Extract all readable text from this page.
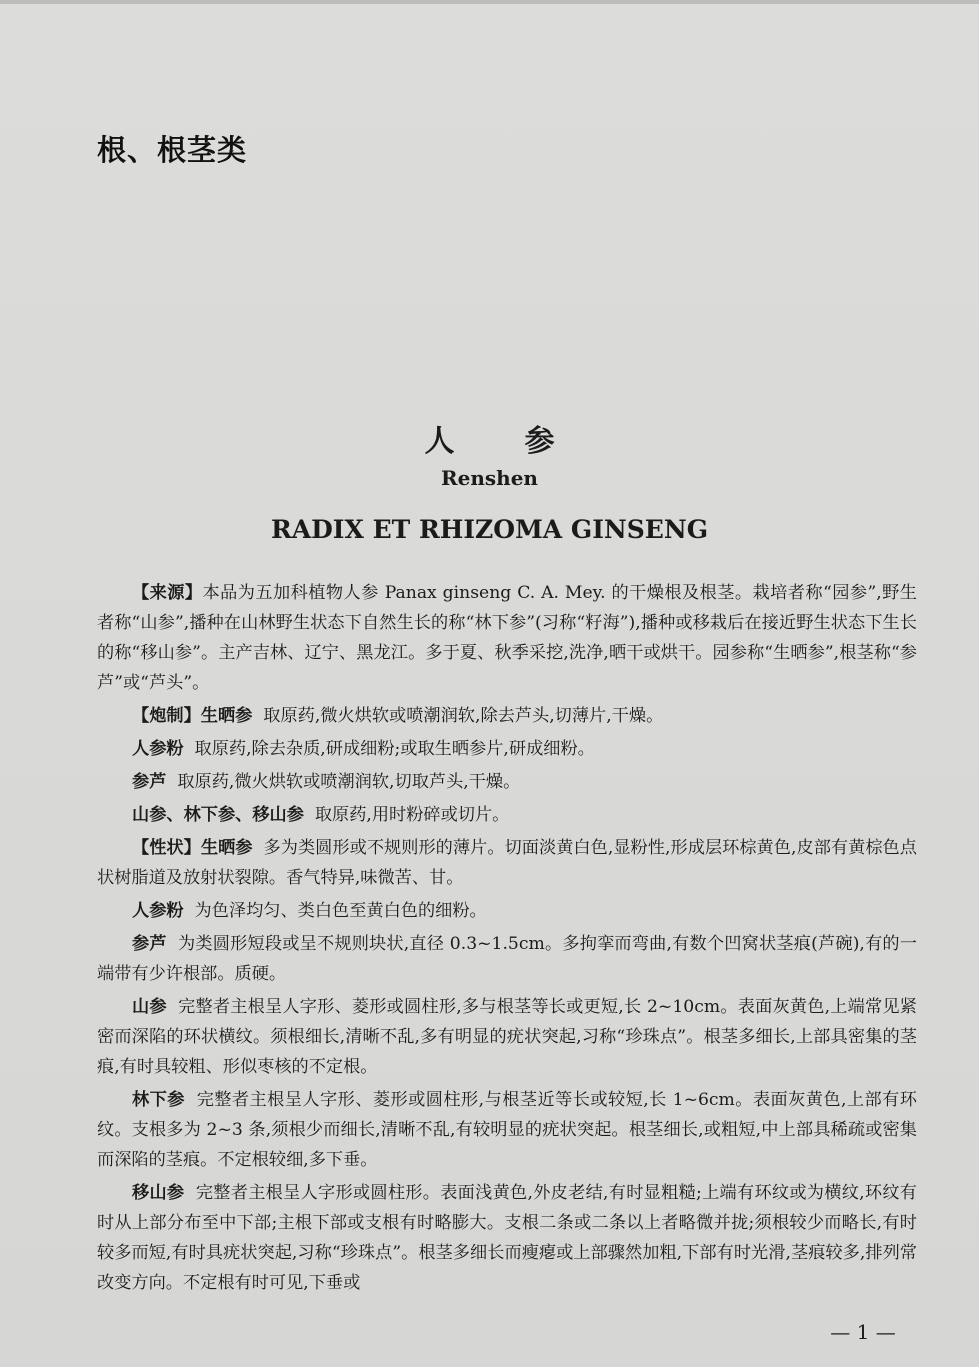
根、根茎类
人参
Renshen
RADIX ET RHIZOMA GINSENG

【来源】本品为五加科植物人参 Panax ginseng C. A. Mey. 的干燥根及根茎。栽培者称“园参”,野生者称“山参”,播种在山林野生状态下自然生长的称“林下参”(习称“籽海”),播种或移栽后在接近野生状态下生长的称“移山参”。主产吉林、辽宁、黑龙江。多于夏、秋季采挖,洗净,晒干或烘干。园参称“生晒参”,根茎称“参芦”或“芦头”。

【炮制】生晒参 取原药,微火烘软或喷潮润软,除去芦头,切薄片,干燥。

人参粉 取原药,除去杂质,研成细粉;或取生晒参片,研成细粉。

参芦 取原药,微火烘软或喷潮润软,切取芦头,干燥。

山参、林下参、移山参 取原药,用时粉碎或切片。

【性状】生晒参 多为类圆形或不规则形的薄片。切面淡黄白色,显粉性,形成层环棕黄色,皮部有黄棕色点状树脂道及放射状裂隙。香气特异,味微苦、甘。

人参粉 为色泽均匀、类白色至黄白色的细粉。

参芦 为类圆形短段或呈不规则块状,直径 0.3~1.5cm。多拘挛而弯曲,有数个凹窝状茎痕(芦碗),有的一端带有少许根部。质硬。

山参 完整者主根呈人字形、菱形或圆柱形,多与根茎等长或更短,长 2~10cm。表面灰黄色,上端常见紧密而深陷的环状横纹。须根细长,清晰不乱,多有明显的疣状突起,习称“珍珠点”。根茎多细长,上部具密集的茎痕,有时具较粗、形似枣核的不定根。

林下参 完整者主根呈人字形、菱形或圆柱形,与根茎近等长或较短,长 1~6cm。表面灰黄色,上部有环纹。支根多为 2~3 条,须根少而细长,清晰不乱,有较明显的疣状突起。根茎细长,或粗短,中上部具稀疏或密集而深陷的茎痕。不定根较细,多下垂。

移山参 完整者主根呈人字形或圆柱形。表面浅黄色,外皮老结,有时显粗糙;上端有环纹或为横纹,环纹有时从上部分布至中下部;主根下部或支根有时略膨大。支根二条或二条以上者略微并拢;须根较少而略长,有时较多而短,有时具疣状突起,习称“珍珠点”。根茎多细长而瘦瘪或上部骤然加粗,下部有时光滑,茎痕较多,排列常改变方向。不定根有时可见,下垂或

— 1 —
